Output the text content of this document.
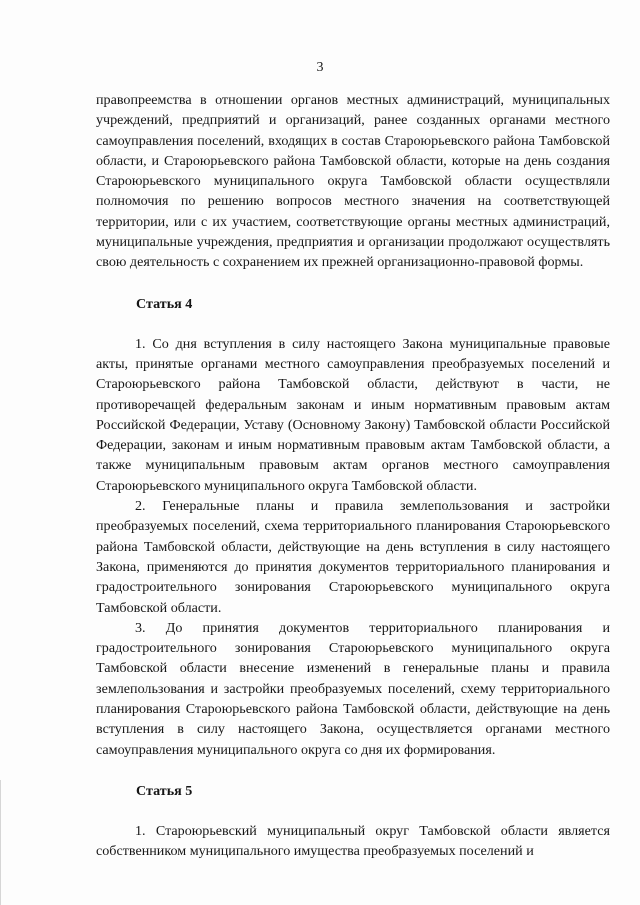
3

правопреемства в отношении органов местных администраций, муниципальных учреждений, предприятий и организаций, ранее созданных органами местного самоуправления поселений, входящих в состав Староюрьевского района Тамбовской области, и Староюрьевского района Тамбовской области, которые на день создания Староюрьевского муниципального округа Тамбовской области осуществляли полномочия по решению вопросов местного значения на соответствующей территории, или с их участием, соответствующие органы местных администраций, муниципальные учреждения, предприятия и организации продолжают осуществлять свою деятельность с сохранением их прежней организационно-правовой формы.

Статья 4

1. Со дня вступления в силу настоящего Закона муниципальные правовые акты, принятые органами местного самоуправления преобразуемых поселений и Староюрьевского района Тамбовской области, действуют в части, не противоречащей федеральным законам и иным нормативным правовым актам Российской Федерации, Уставу (Основному Закону) Тамбовской области Российской Федерации, законам и иным нормативным правовым актам Тамбовской области, а также муниципальным правовым актам органов местного самоуправления Староюрьевского муниципального округа Тамбовской области.

2. Генеральные планы и правила землепользования и застройки преобразуемых поселений, схема территориального планирования Староюрьевского района Тамбовской области, действующие на день вступления в силу настоящего Закона, применяются до принятия документов территориального планирования и градостроительного зонирования Староюрьевского муниципального округа Тамбовской области.

3. До принятия документов территориального планирования и градостроительного зонирования Староюрьевского муниципального округа Тамбовской области внесение изменений в генеральные планы и правила землепользования и застройки преобразуемых поселений, схему территориального планирования Староюрьевского района Тамбовской области, действующие на день вступления в силу настоящего Закона, осуществляется органами местного самоуправления муниципального округа со дня их формирования.

Статья 5

1. Староюрьевский муниципальный округ Тамбовской области является собственником муниципального имущества преобразуемых поселений и
